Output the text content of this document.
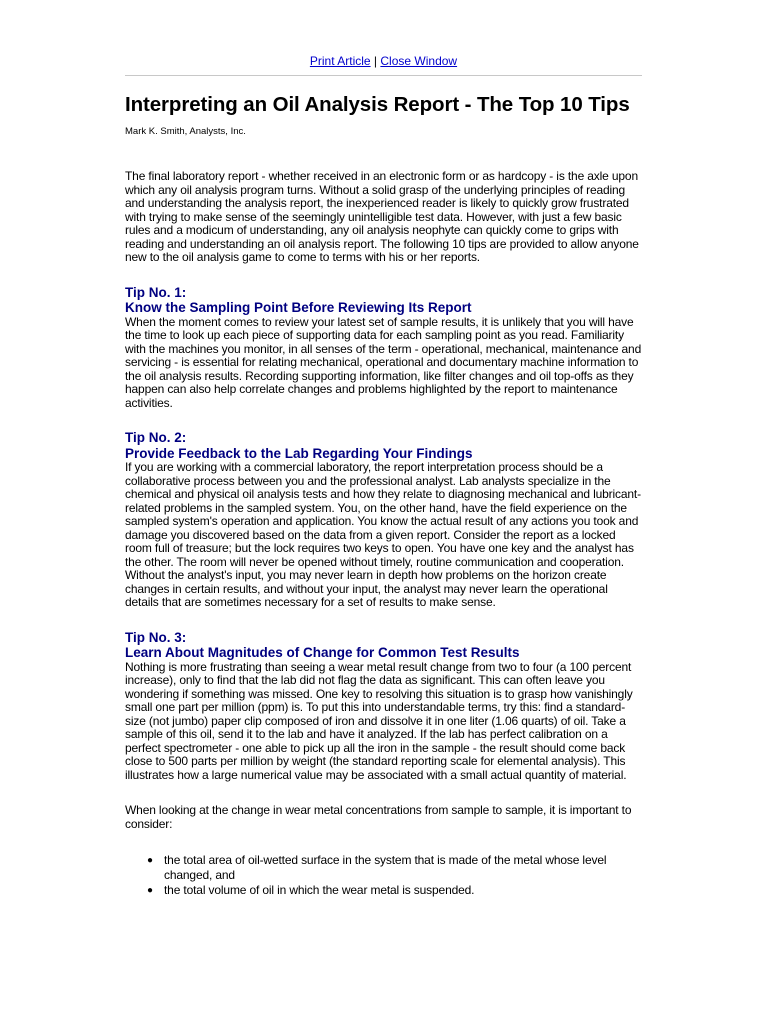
Print Article | Close Window
Interpreting an Oil Analysis Report - The Top 10 Tips
Mark K. Smith, Analysts, Inc.

The final laboratory report - whether received in an electronic form or as hardcopy - is the axle upon which any oil analysis program turns. Without a solid grasp of the underlying principles of reading and understanding the analysis report, the inexperienced reader is likely to quickly grow frustrated with trying to make sense of the seemingly unintelligible test data. However, with just a few basic rules and a modicum of understanding, any oil analysis neophyte can quickly come to grips with reading and understanding an oil analysis report. The following 10 tips are provided to allow anyone new to the oil analysis game to come to terms with his or her reports.

Tip No. 1:
Know the Sampling Point Before Reviewing Its Report

When the moment comes to review your latest set of sample results, it is unlikely that you will have the time to look up each piece of supporting data for each sampling point as you read. Familiarity with the machines you monitor, in all senses of the term - operational, mechanical, maintenance and servicing - is essential for relating mechanical, operational and documentary machine information to the oil analysis results. Recording supporting information, like filter changes and oil top-offs as they happen can also help correlate changes and problems highlighted by the report to maintenance activities.

Tip No. 2:
Provide Feedback to the Lab Regarding Your Findings

If you are working with a commercial laboratory, the report interpretation process should be a collaborative process between you and the professional analyst. Lab analysts specialize in the chemical and physical oil analysis tests and how they relate to diagnosing mechanical and lubricant-related problems in the sampled system. You, on the other hand, have the field experience on the sampled system's operation and application. You know the actual result of any actions you took and damage you discovered based on the data from a given report. Consider the report as a locked room full of treasure; but the lock requires two keys to open. You have one key and the analyst has the other. The room will never be opened without timely, routine communication and cooperation. Without the analyst's input, you may never learn in depth how problems on the horizon create changes in certain results, and without your input, the analyst may never learn the operational details that are sometimes necessary for a set of results to make sense.

Tip No. 3:
Learn About Magnitudes of Change for Common Test Results

Nothing is more frustrating than seeing a wear metal result change from two to four (a 100 percent increase), only to find that the lab did not flag the data as significant. This can often leave you wondering if something was missed. One key to resolving this situation is to grasp how vanishingly small one part per million (ppm) is. To put this into understandable terms, try this: find a standard-size (not jumbo) paper clip composed of iron and dissolve it in one liter (1.06 quarts) of oil. Take a sample of this oil, send it to the lab and have it analyzed. If the lab has perfect calibration on a perfect spectrometer - one able to pick up all the iron in the sample - the result should come back close to 500 parts per million by weight (the standard reporting scale for elemental analysis). This illustrates how a large numerical value may be associated with a small actual quantity of material.

When looking at the change in wear metal concentrations from sample to sample, it is important to consider:

● the total area of oil-wetted surface in the system that is made of the metal whose level changed, and
● the total volume of oil in which the wear metal is suspended.
